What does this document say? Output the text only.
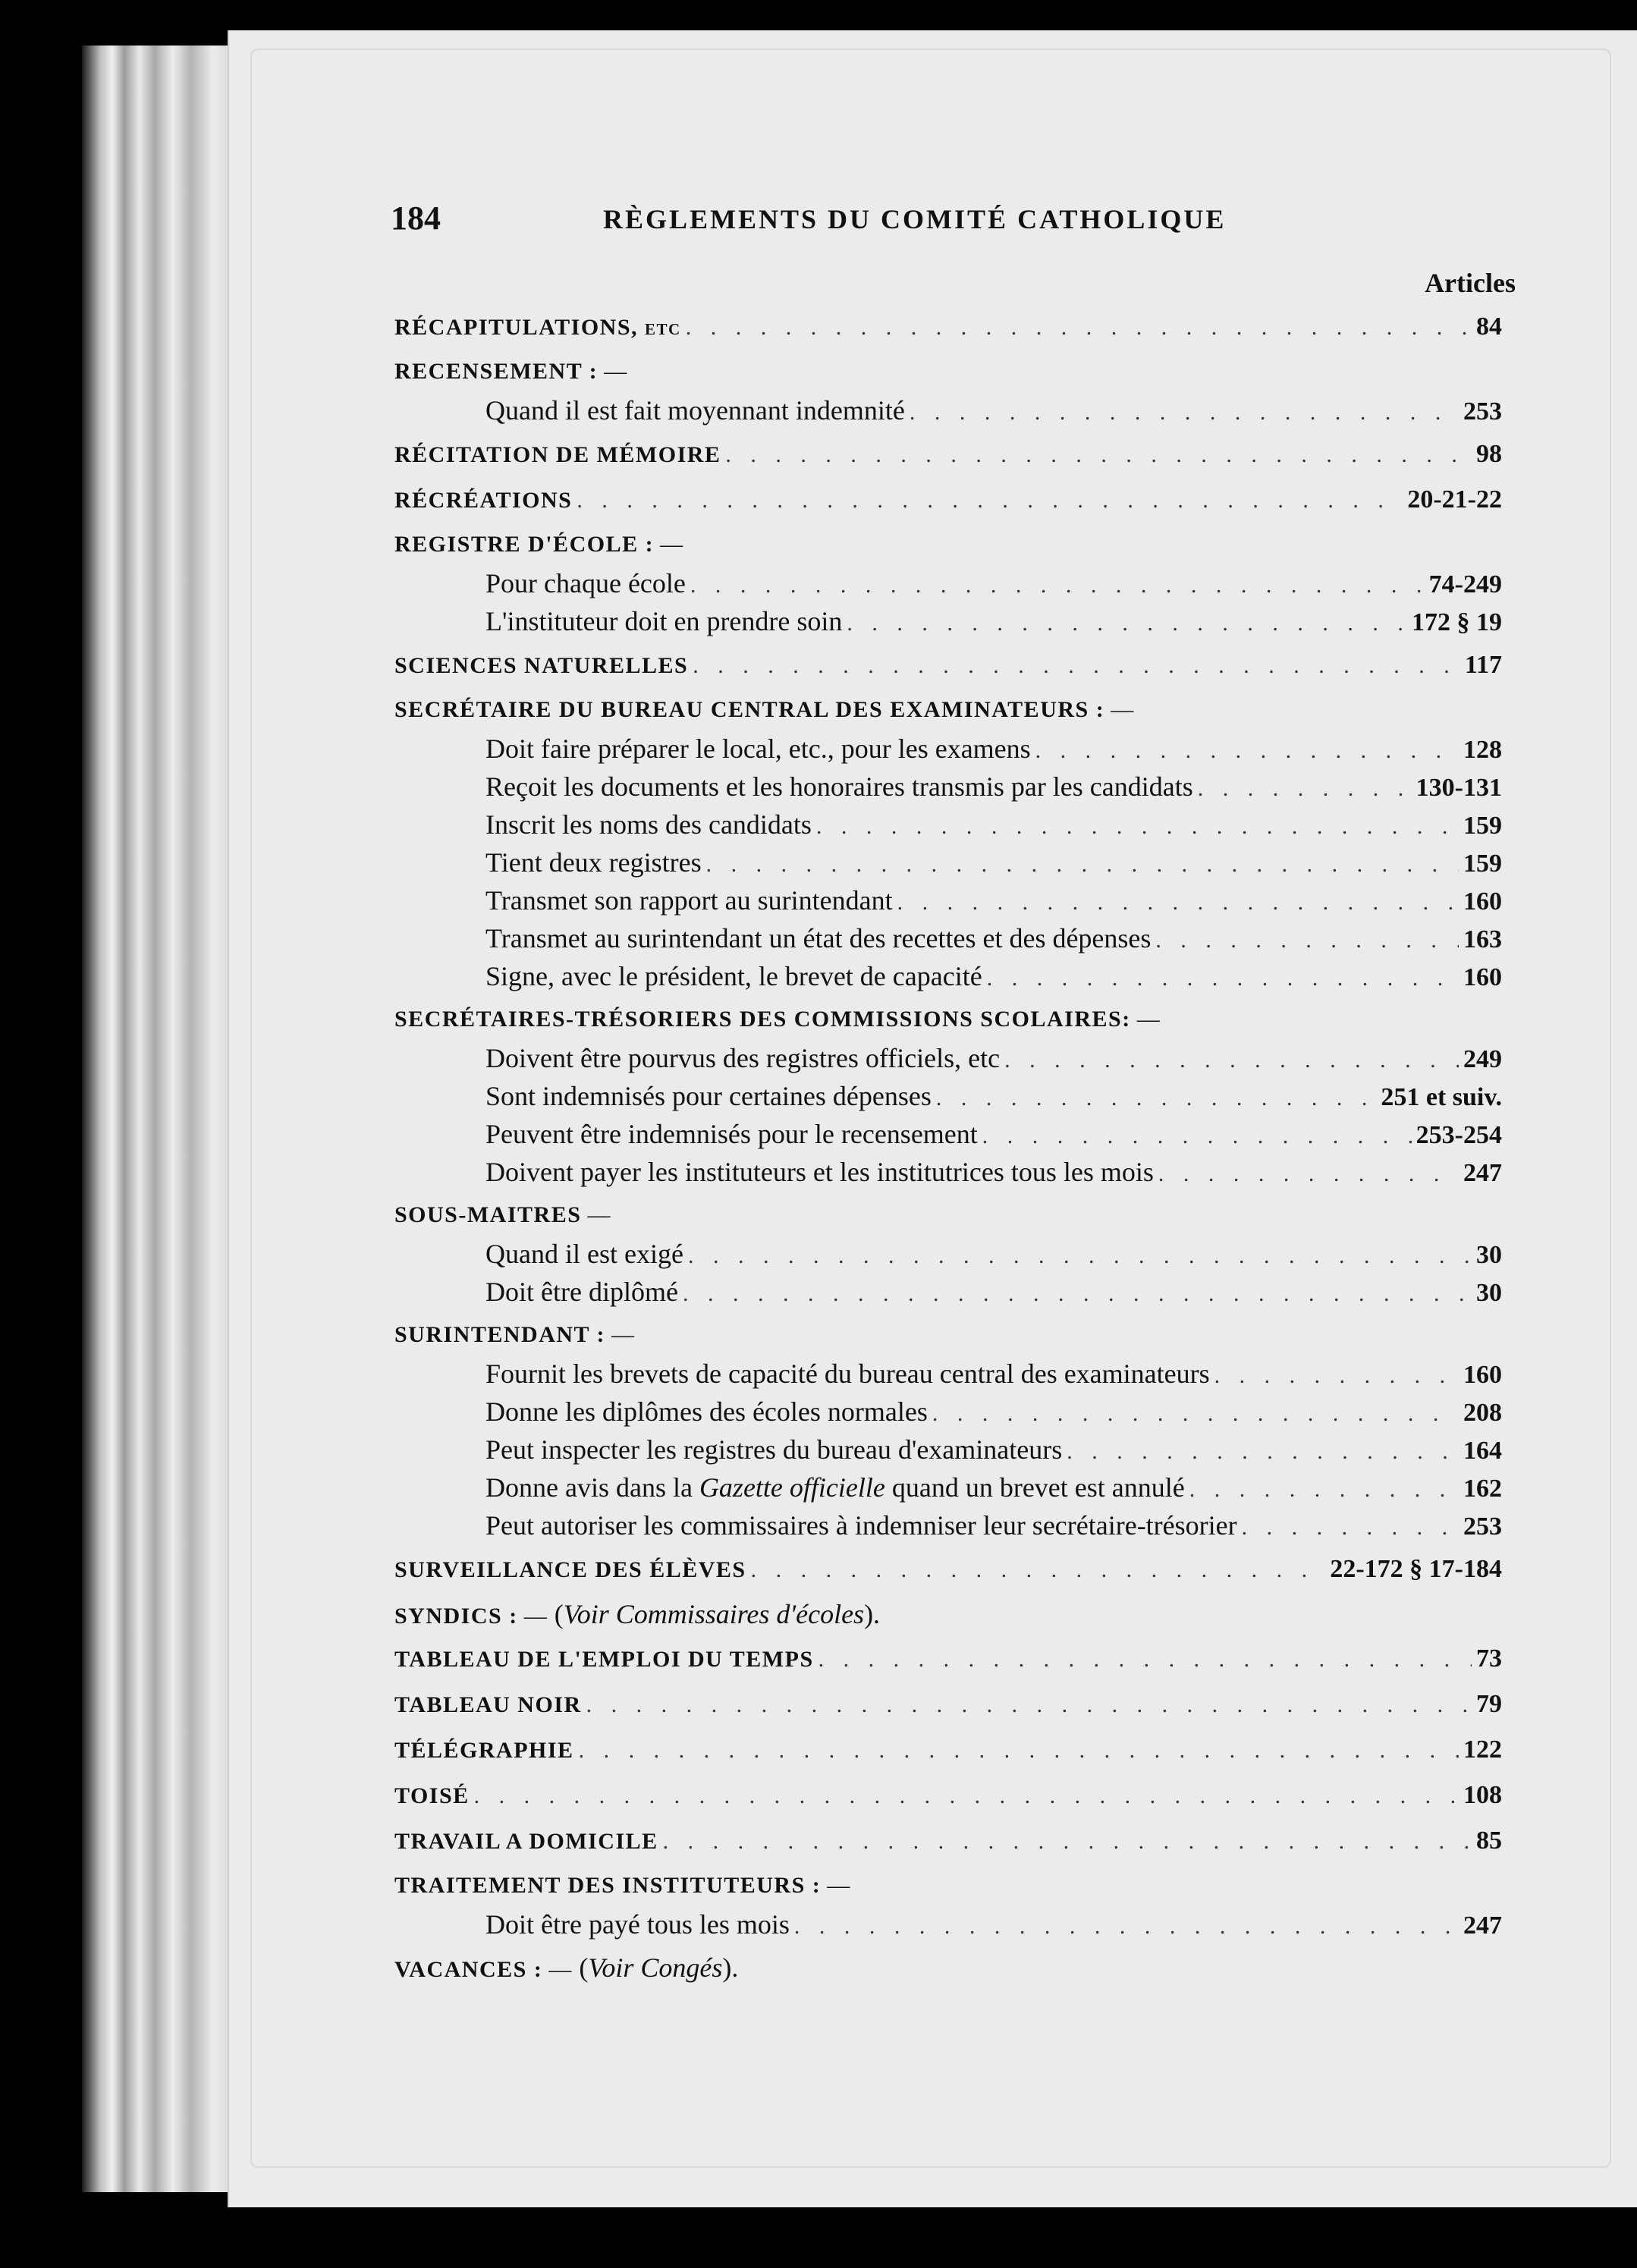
184	RÈGLEMENTS DU COMITÉ CATHOLIQUE
Articles
RÉCAPITULATIONS, etc . . .	84
RECENSEMENT : —
Quand il est fait moyennant indemnité . . .	253
RÉCITATION DE MÉMOIRE . . .	98
RÉCRÉATIONS . . .	20-21-22
REGISTRE D'ÉCOLE : —
Pour chaque école . . .	74-249
L'instituteur doit en prendre soin . . .	172 § 19
SCIENCES NATURELLES . . .	117
SECRÉTAIRE DU BUREAU CENTRAL DES EXAMINATEURS : —
Doit faire préparer le local, etc., pour les examens . . .	128
Reçoit les documents et les honoraires transmis par les candidats . . .	130-131
Inscrit les noms des candidats . . .	159
Tient deux registres . . .	159
Transmet son rapport au surintendant . . .	160
Transmet au surintendant un état des recettes et des dépenses . . .	163
Signe, avec le président, le brevet de capacité . . .	160
SECRÉTAIRES-TRÉSORIERS DES COMMISSIONS SCOLAIRES: —
Doivent être pourvus des registres officiels, etc . . .	249
Sont indemnisés pour certaines dépenses . . .	251 et suiv.
Peuvent être indemnisés pour le recensement . . .	253-254
Doivent payer les instituteurs et les institutrices tous les mois . . .	247
SOUS-MAITRES —
Quand il est exigé . . .	30
Doit être diplômé . . .	30
SURINTENDANT : —
Fournit les brevets de capacité du bureau central des examinateurs . . .	160
Donne les diplômes des écoles normales . . .	208
Peut inspecter les registres du bureau d'examinateurs . . .	164
Donne avis dans la Gazette officielle quand un brevet est annulé . . .	162
Peut autoriser les commissaires à indemniser leur secrétaire-trésorier . . .	253
SURVEILLANCE DES ÉLÈVES . . .	22-172 § 17-184
SYNDICS : — (Voir Commissaires d'écoles).
TABLEAU DE L'EMPLOI DU TEMPS . . .	73
TABLEAU NOIR . . .	79
TÉLÉGRAPHIE . . .	122
TOISÉ . . .	108
TRAVAIL A DOMICILE . . .	85
TRAITEMENT DES INSTITUTEURS : —
Doit être payé tous les mois . . .	247
VACANCES : — (Voir Congés).
